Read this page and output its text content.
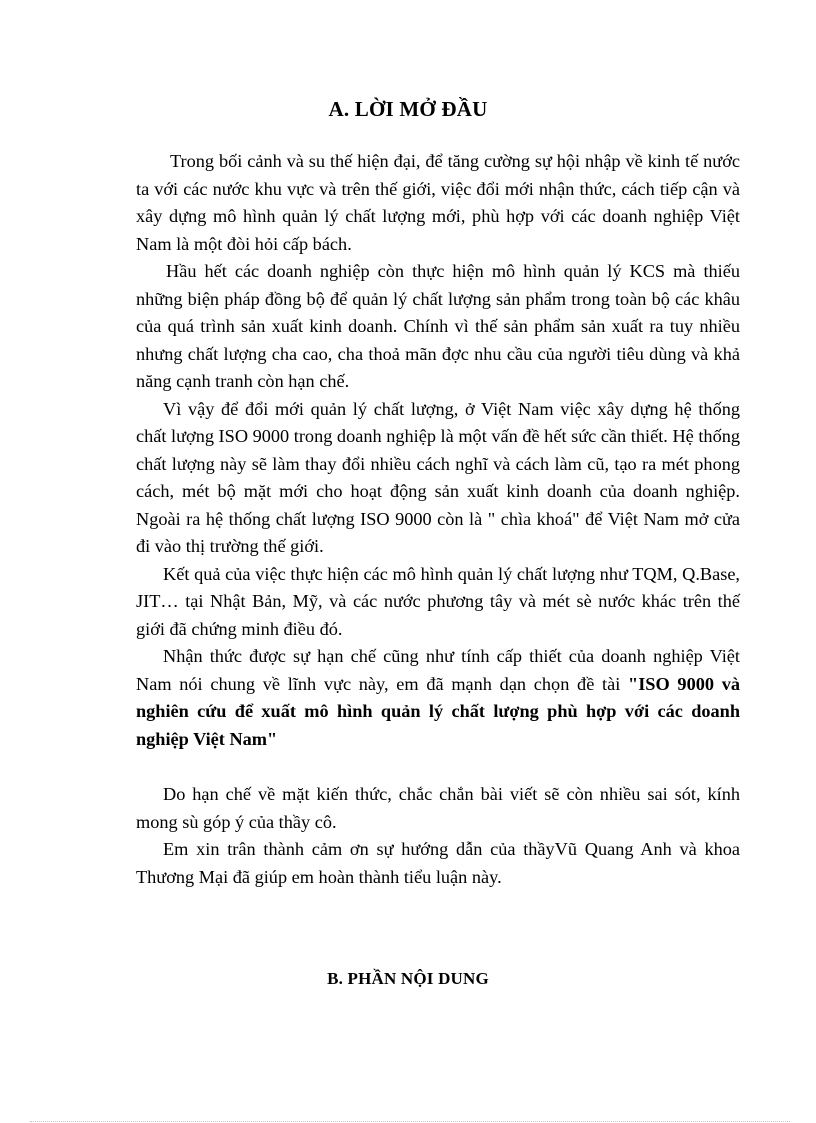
A. LỜI MỞ ĐẦU

Trong bối cảnh và su thế hiện đại, để tăng cường sự hội nhập về kinh tế nước ta với các nước khu vực và trên thế giới, việc đổi mới nhận thức, cách tiếp cận và xây dựng mô hình quản lý chất lượng mới, phù hợp với các doanh nghiệp Việt Nam là một đòi hỏi cấp bách.

Hầu hết các doanh nghiệp còn thực hiện mô hình quản lý KCS mà thiếu những biện pháp đồng bộ để quản lý chất lượng sản phẩm trong toàn bộ các khâu của quá trình sản xuất kinh doanh. Chính vì thế sản phẩm sản xuất ra tuy nhiều nhưng chất lượng cha cao, cha thoả mãn đợc nhu cầu của người tiêu dùng và khả năng cạnh tranh còn hạn chế.

Vì vậy để đổi mới quản lý chất lượng, ở Việt Nam việc xây dựng hệ thống chất lượng ISO 9000 trong doanh nghiệp là một vấn đề hết sức cần thiết. Hệ thống chất lượng này sẽ làm thay đổi nhiều cách nghĩ và cách làm cũ, tạo ra mét phong cách, mét bộ mặt mới cho hoạt động sản xuất kinh doanh của doanh nghiệp. Ngoài ra hệ thống chất lượng ISO 9000 còn là " chìa khoá" để Việt Nam mở cửa đi vào thị trường thế giới.

Kết quả của việc thực hiện các mô hình quản lý chất lượng như TQM, Q.Base, JIT… tại Nhật Bản, Mỹ, và các nước phương tây và mét sè nước khác trên thế giới đã chứng minh điều đó.

Nhận thức được sự hạn chế cũng như tính cấp thiết của doanh nghiệp Việt Nam nói chung về lĩnh vực này, em đã mạnh dạn chọn đề tài "ISO 9000 và nghiên cứu để xuất mô hình quản lý chất lượng phù hợp với các doanh nghiệp Việt Nam"

Do hạn chế về mặt kiến thức, chắc chắn bài viết sẽ còn nhiều sai sót, kính mong sù góp ý của thầy cô.

Em xin trân thành cảm ơn sự hướng dẫn của thầyVũ Quang Anh và khoa Thương Mại đã giúp em hoàn thành tiểu luận này.

B. PHẦN NỘI DUNG
